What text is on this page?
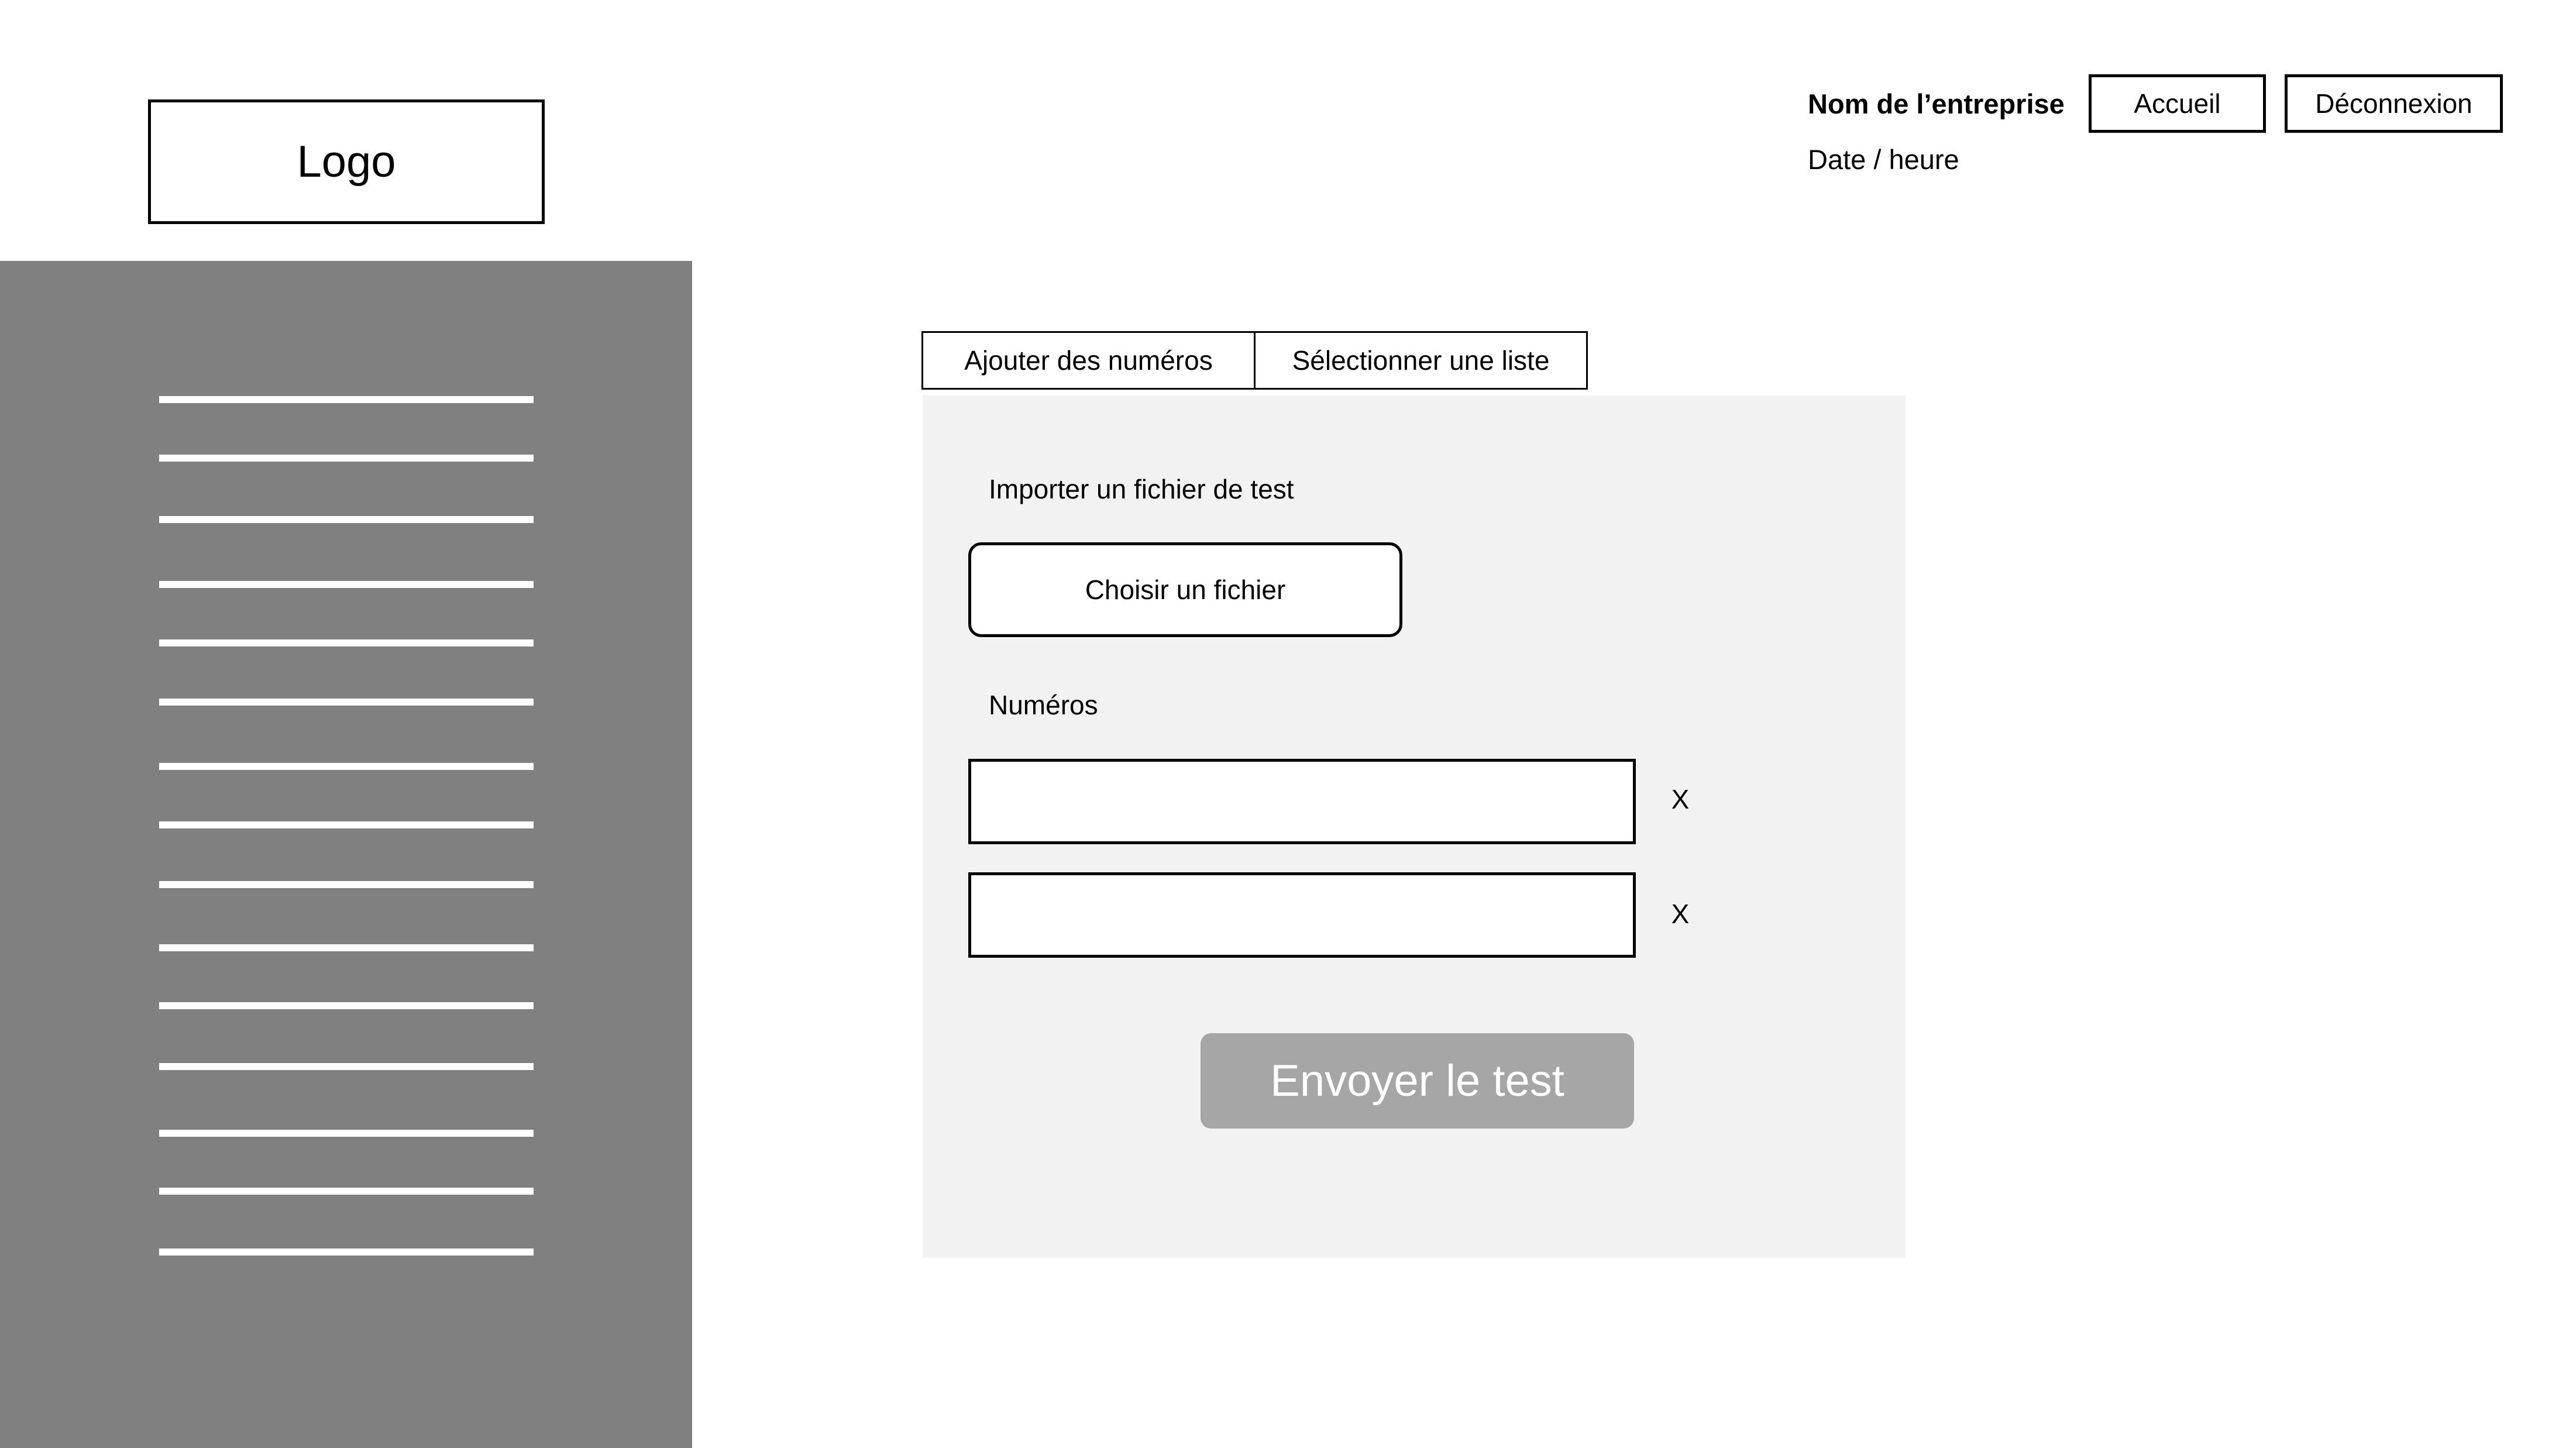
Logo
Nom de l’entreprise
Date / heure
Accueil	Déconnexion
Ajouter des numéros	Sélectionner une liste
Importer un fichier de test
Choisir un fichier
Numéros
X
X
Envoyer le test
